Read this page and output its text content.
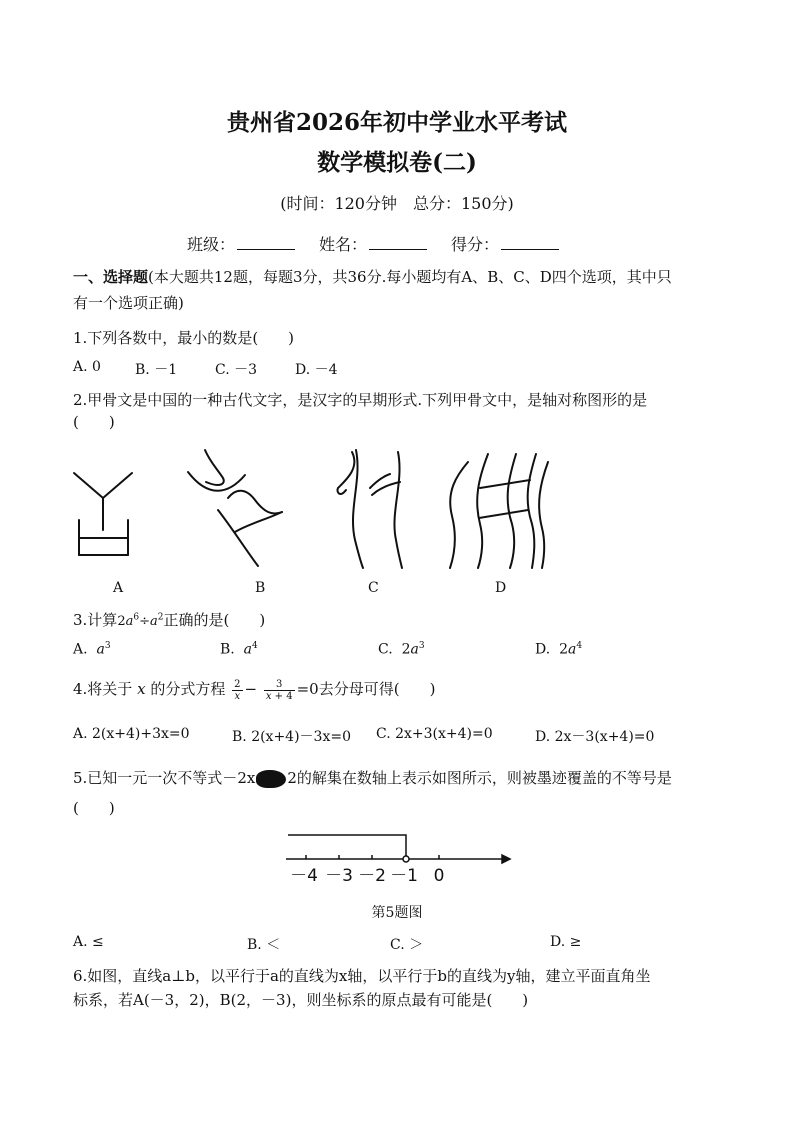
贵州省2026年初中学业水平考试
数学模拟卷(二)
(时间：120分钟　总分：150分)
班级：	姓名：	得分：
一、选择题(本大题共12题，每题3分，共36分.每小题均有A、B、C、D四个选项，其中只
有一个选项正确)
1.下列各数中，最小的数是(　　)
A. 0 B. －1	C. －3	D. －4
2.甲骨文是中国的一种古代文字，是汉字的早期形式.下列甲骨文中，是轴对称图形的是
(　　)
A	B	C	D
3.计算$2a^6\div a^2$正确的是(　　)
A. $a^3$	B. $a^4$	C.  $2a^3$	D.  $2a^4$
4.将关于 x 的分式方程 $\frac{2}{x} - \frac{3}{x + 4} =0$去分母可得(　　)
A. 2(x+4)+3x=0	B. 2(x+4)－3x=0 C. 2x+3(x+4)=0	D. 2x－3(x+4)=0
5.已知一元一次不等式－2x 2的解集在数轴上表示如图所示，则被墨迹覆盖的不等号是
(　　)
－4 －3 －2 －1 0
第5题图
A. ≤	B. ＜	C. ＞	D. ≥
6.如图，直线a⊥b，以平行于a的直线为x轴，以平行于b的直线为y轴，建立平面直角坐
标系，若A(－3，2)，B(2，－3)，则坐标系的原点最有可能是(　　)
